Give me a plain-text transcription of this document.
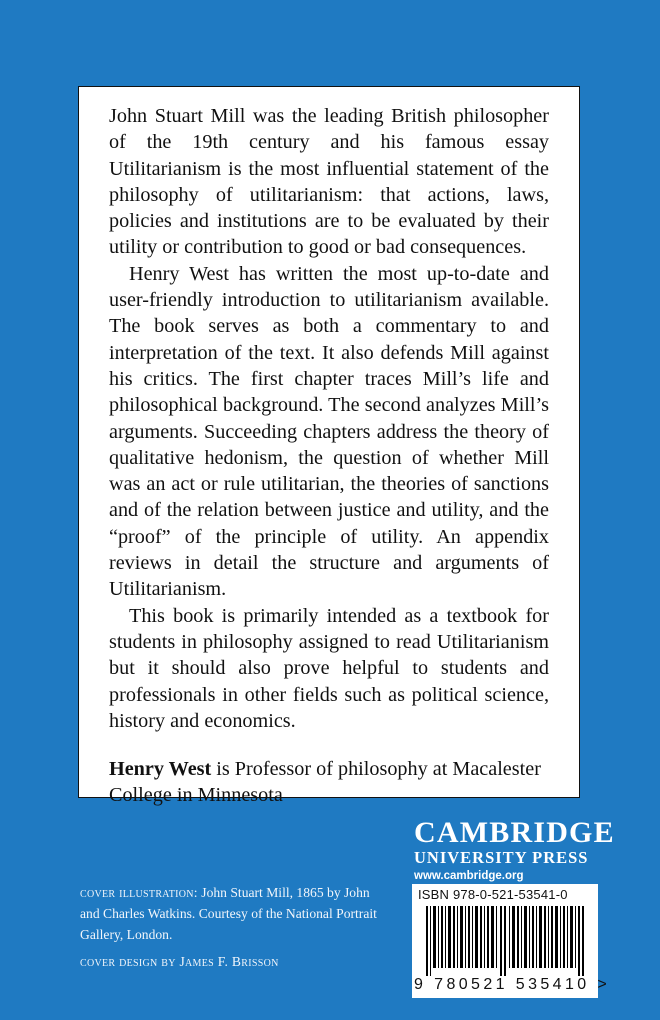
John Stuart Mill was the leading British philosopher of the 19th century and his famous essay Utilitarianism is the most influential statement of the philosophy of utilitarianism: that actions, laws, policies and institutions are to be evaluated by their utility or contribution to good or bad consequences.

Henry West has written the most up-to-date and user-friendly introduction to utilitarianism available. The book serves as both a commentary to and interpretation of the text. It also defends Mill against his critics. The first chapter traces Mill’s life and philosophical background. The second analyzes Mill’s arguments. Succeeding chapters address the theory of qualitative hedonism, the question of whether Mill was an act or rule utilitarian, the theories of sanctions and of the relation between justice and utility, and the “proof” of the principle of utility. An appendix reviews in detail the structure and arguments of Utilitarianism.

This book is primarily intended as a textbook for students in philosophy assigned to read Utilitarianism but it should also prove helpful to students and professionals in other fields such as political science, history and economics.

Henry West is Professor of philosophy at Macalester College in Minnesota
CAMBRIDGE
UNIVERSITY PRESS
www.cambridge.org
cover illustration: John Stuart Mill, 1865 by John and Charles Watkins. Courtesy of the National Portrait Gallery, London.
cover design by James F. Brisson
ISBN 978-0-521-53541-0
9 780521 535410 >
